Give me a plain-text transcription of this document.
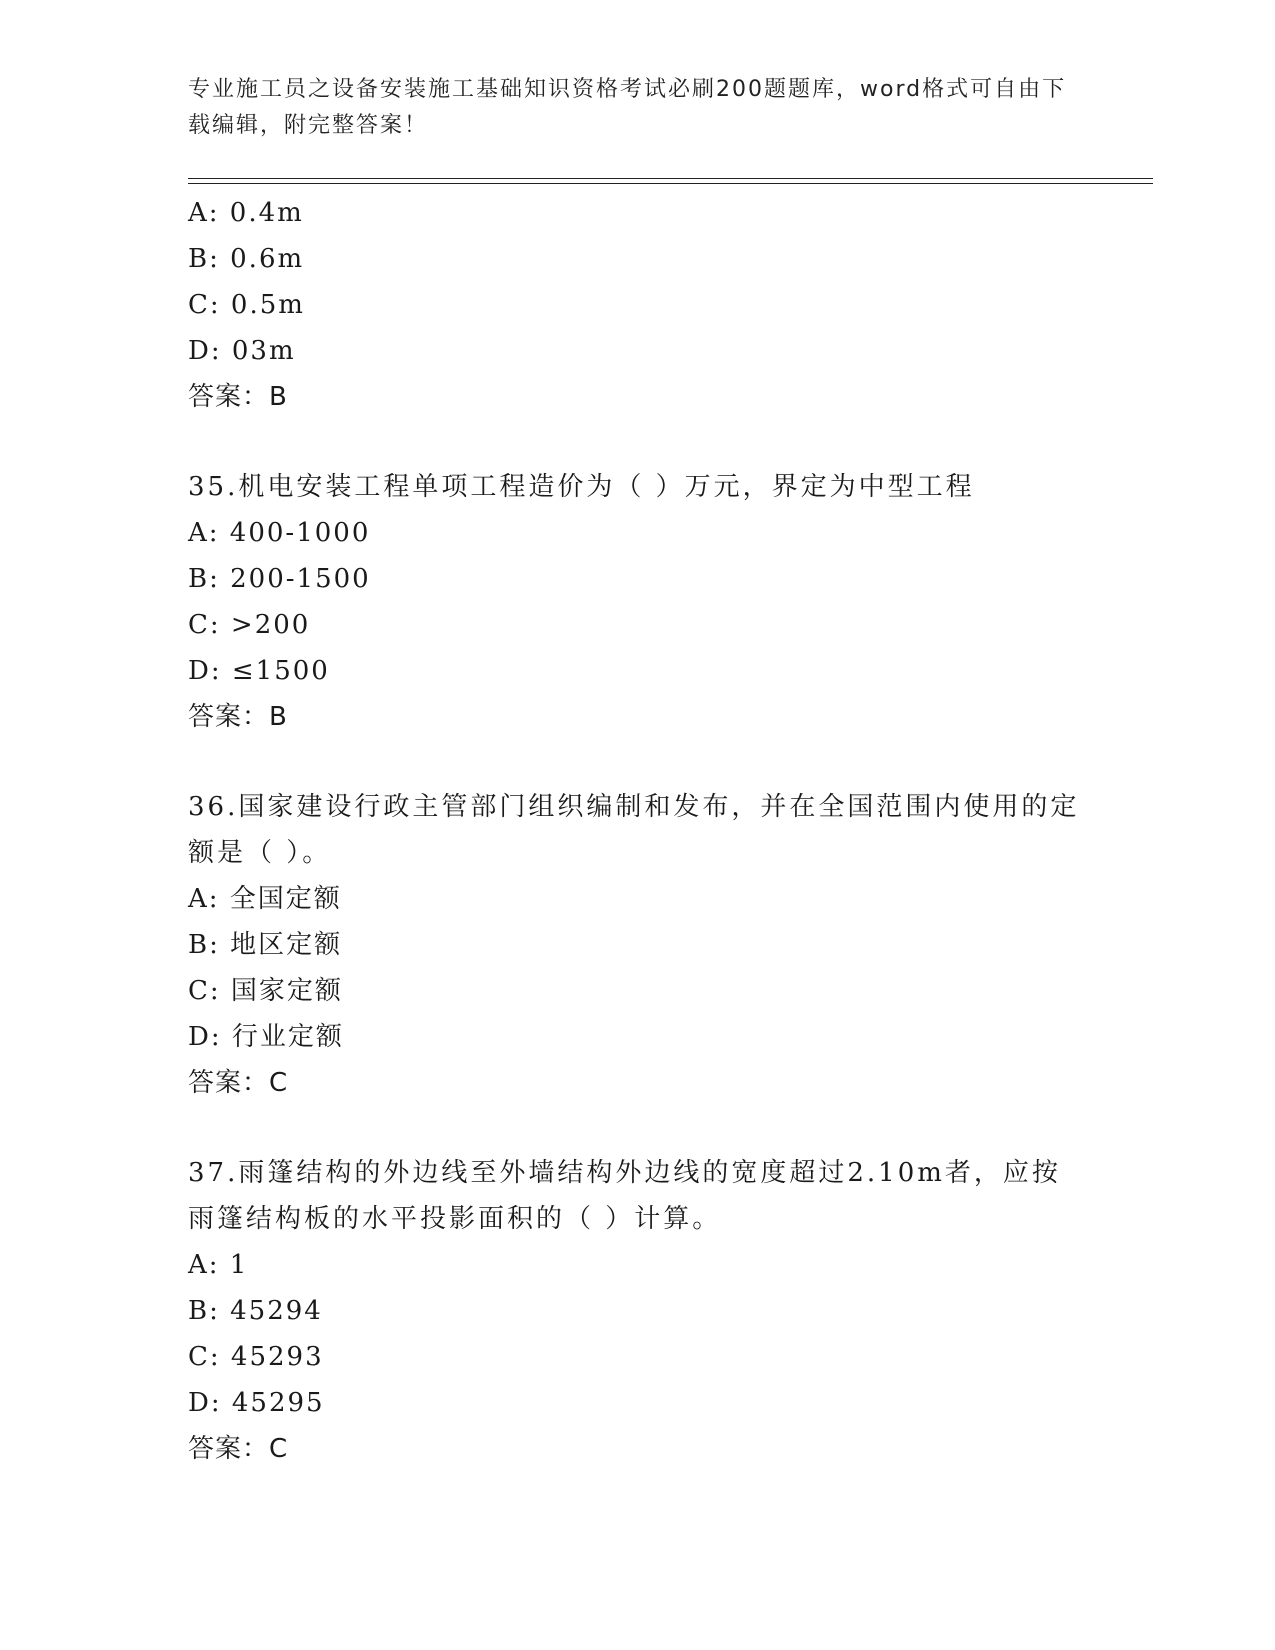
专业施工员之设备安装施工基础知识资格考试必刷200题题库，word格式可自由下载编辑，附完整答案！
A: 0.4m
B: 0.6m
C: 0.5m
D: 03m
答案：B
35.机电安装工程单项工程造价为（ ）万元，界定为中型工程
A: 400-1000
B: 200-1500
C: >200
D: ≤1500
答案：B
36.国家建设行政主管部门组织编制和发布，并在全国范围内使用的定额是（ ）。
A: 全国定额
B: 地区定额
C: 国家定额
D: 行业定额
答案：C
37.雨篷结构的外边线至外墙结构外边线的宽度超过2.10m者，应按雨篷结构板的水平投影面积的（ ）计算。
A: 1
B: 45294
C: 45293
D: 45295
答案：C
